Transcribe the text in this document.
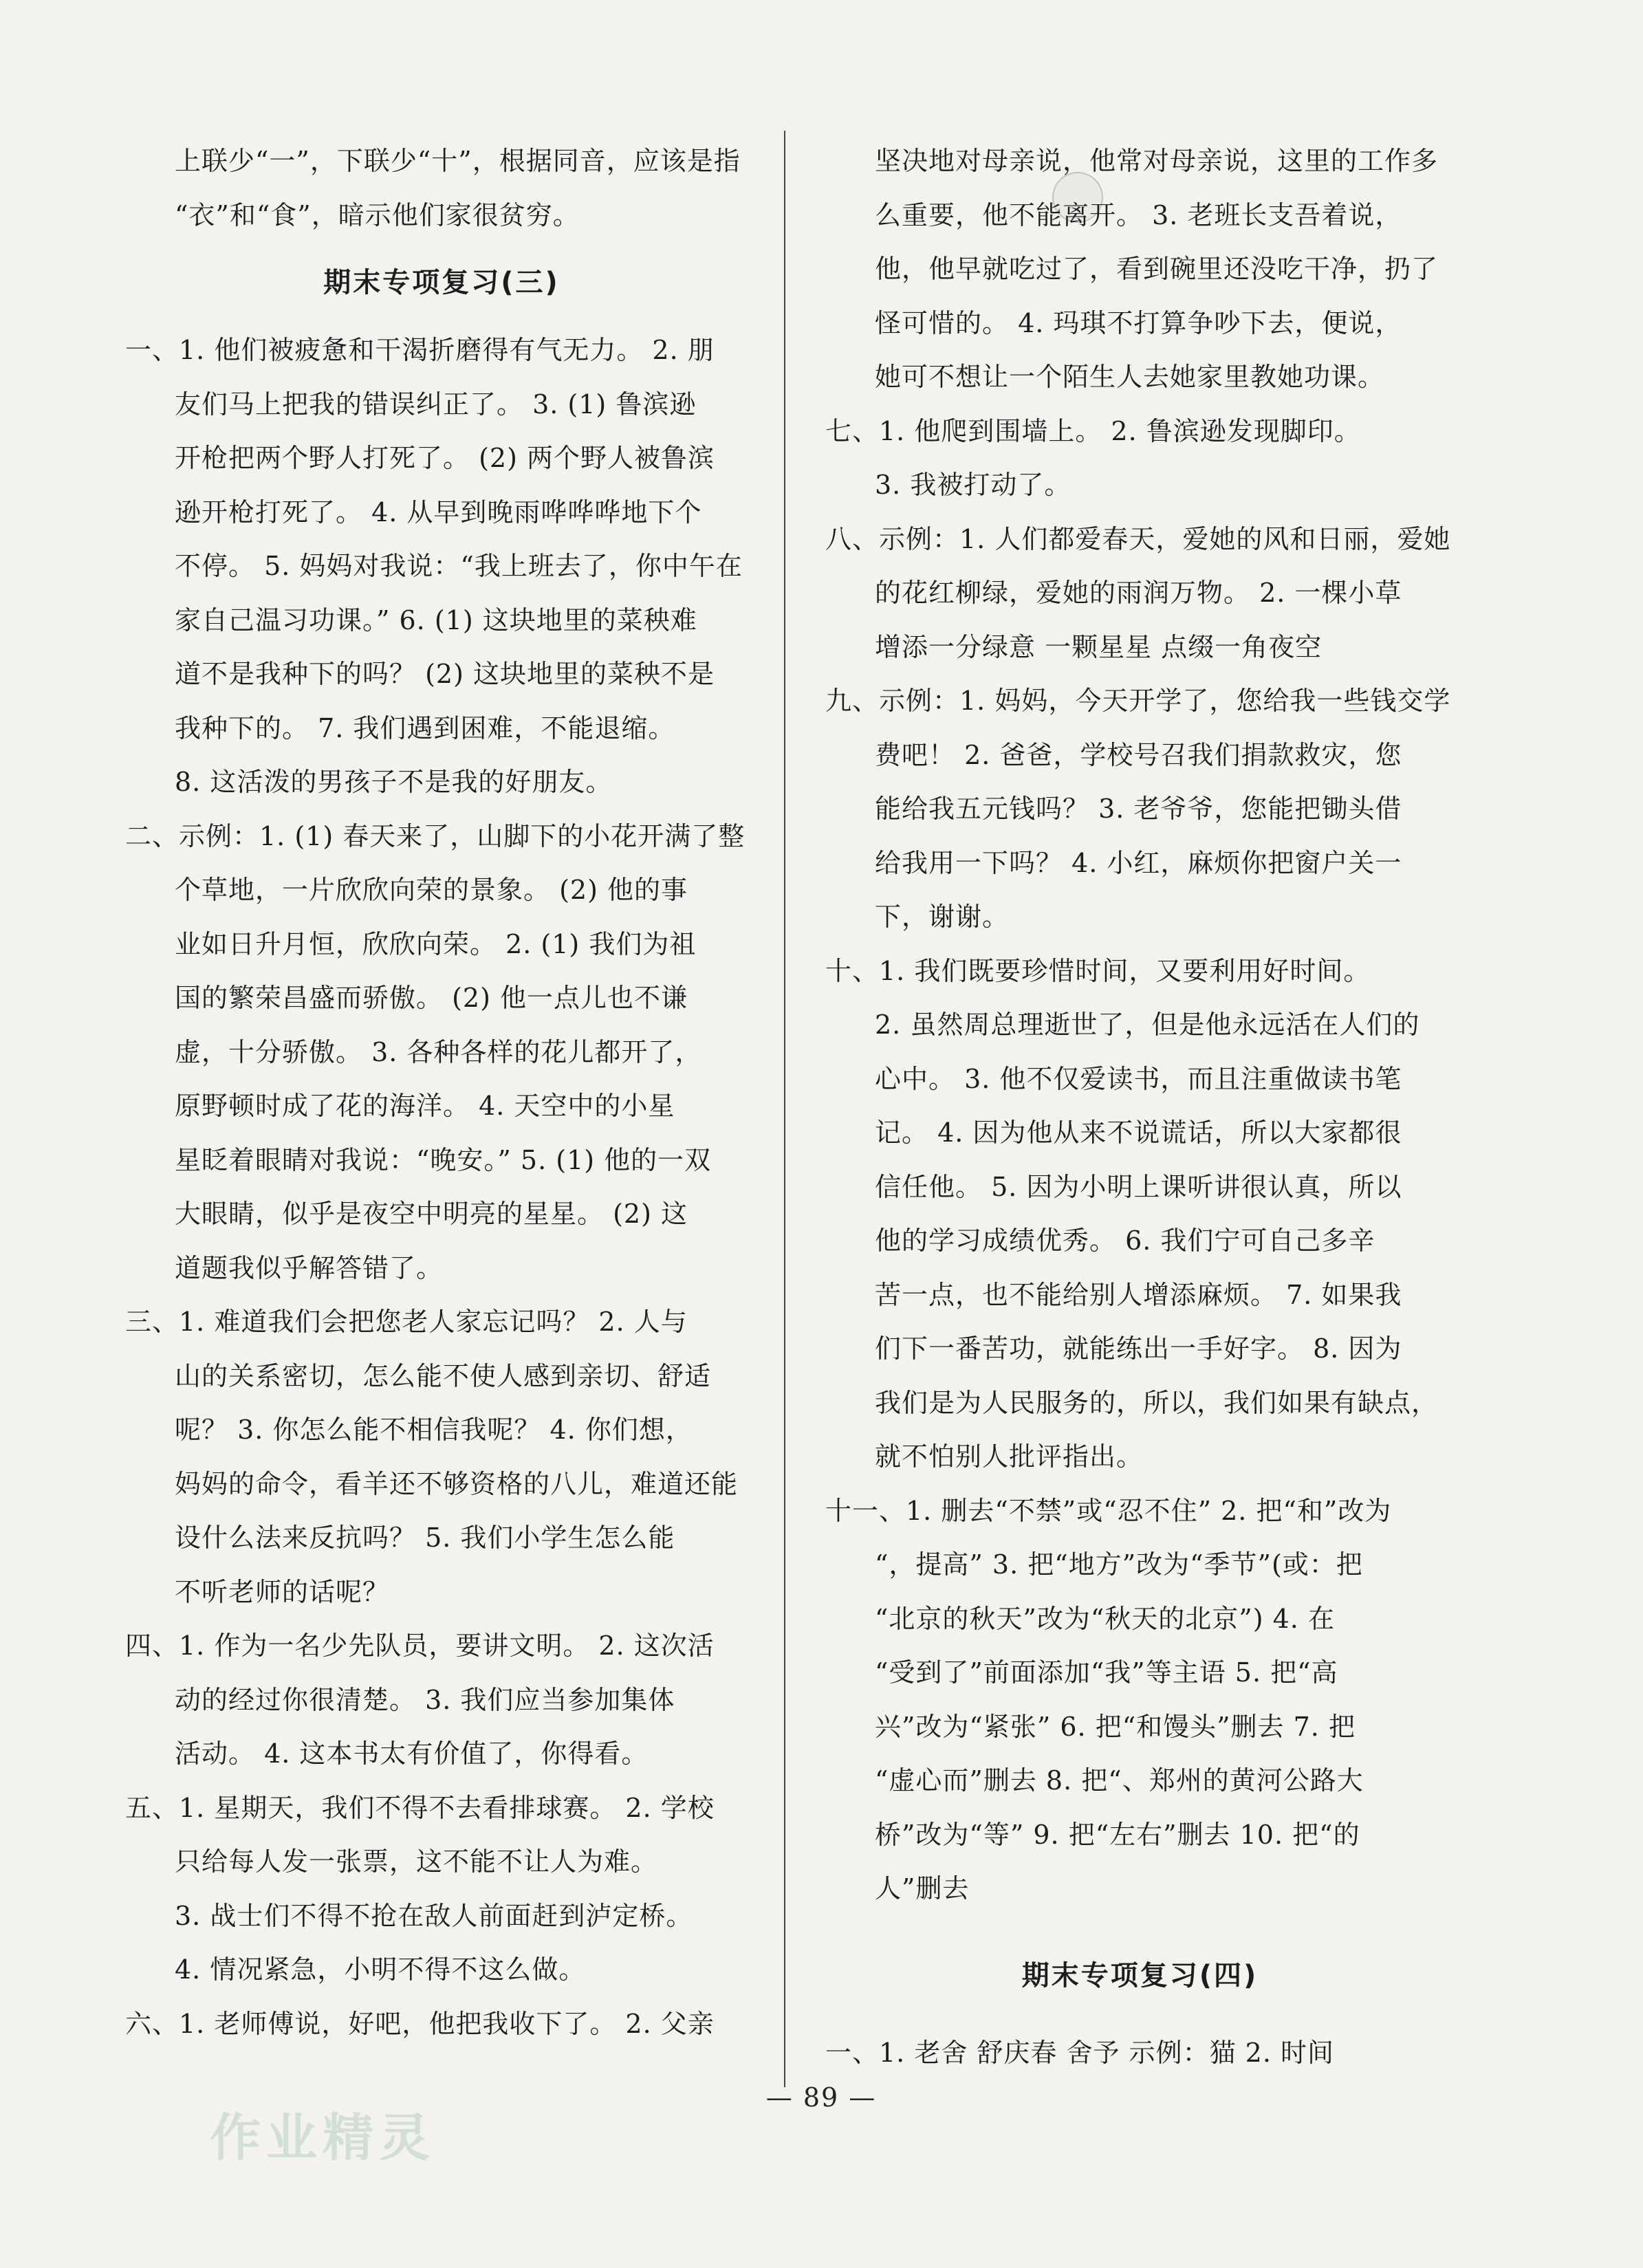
上联少“一”，下联少“十”，根据同音，应该是指
“衣”和“食”，暗示他们家很贫穷。
期末专项复习(三)
一、1. 他们被疲惫和干渴折磨得有气无力。 2. 朋
友们马上把我的错误纠正了。 3. (1) 鲁滨逊
开枪把两个野人打死了。 (2) 两个野人被鲁滨
逊开枪打死了。 4. 从早到晚雨哗哗哗地下个
不停。 5. 妈妈对我说：“我上班去了，你中午在
家自己温习功课。” 6. (1) 这块地里的菜秧难
道不是我种下的吗？ (2) 这块地里的菜秧不是
我种下的。 7. 我们遇到困难，不能退缩。
8. 这活泼的男孩子不是我的好朋友。
二、示例：1. (1) 春天来了，山脚下的小花开满了整
个草地，一片欣欣向荣的景象。 (2) 他的事
业如日升月恒，欣欣向荣。 2. (1) 我们为祖
国的繁荣昌盛而骄傲。 (2) 他一点儿也不谦
虚，十分骄傲。 3. 各种各样的花儿都开了，
原野顿时成了花的海洋。 4. 天空中的小星
星眨着眼睛对我说：“晚安。” 5. (1) 他的一双
大眼睛，似乎是夜空中明亮的星星。 (2) 这
道题我似乎解答错了。
三、1. 难道我们会把您老人家忘记吗？ 2. 人与
山的关系密切，怎么能不使人感到亲切、舒适
呢？ 3. 你怎么能不相信我呢？ 4. 你们想，
妈妈的命令，看羊还不够资格的八儿，难道还能
设什么法来反抗吗？ 5. 我们小学生怎么能
不听老师的话呢？
四、1. 作为一名少先队员，要讲文明。 2. 这次活
动的经过你很清楚。 3. 我们应当参加集体
活动。 4. 这本书太有价值了，你得看。
五、1. 星期天，我们不得不去看排球赛。 2. 学校
只给每人发一张票，这不能不让人为难。
3. 战士们不得不抢在敌人前面赶到泸定桥。
4. 情况紧急，小明不得不这么做。
六、1. 老师傅说，好吧，他把我收下了。 2. 父亲
坚决地对母亲说，他常对母亲说，这里的工作多
么重要，他不能离开。 3. 老班长支吾着说，
他，他早就吃过了，看到碗里还没吃干净，扔了
怪可惜的。 4. 玛琪不打算争吵下去，便说，
她可不想让一个陌生人去她家里教她功课。
七、1. 他爬到围墙上。 2. 鲁滨逊发现脚印。
3. 我被打动了。
八、示例：1. 人们都爱春天，爱她的风和日丽，爱她
的花红柳绿，爱她的雨润万物。 2. 一棵小草
增添一分绿意 一颗星星 点缀一角夜空
九、示例：1. 妈妈，今天开学了，您给我一些钱交学
费吧！ 2. 爸爸，学校号召我们捐款救灾，您
能给我五元钱吗？ 3. 老爷爷，您能把锄头借
给我用一下吗？ 4. 小红，麻烦你把窗户关一
下，谢谢。
十、1. 我们既要珍惜时间，又要利用好时间。
2. 虽然周总理逝世了，但是他永远活在人们的
心中。 3. 他不仅爱读书，而且注重做读书笔
记。 4. 因为他从来不说谎话，所以大家都很
信任他。 5. 因为小明上课听讲很认真，所以
他的学习成绩优秀。 6. 我们宁可自己多辛
苦一点，也不能给别人增添麻烦。 7. 如果我
们下一番苦功，就能练出一手好字。 8. 因为
我们是为人民服务的，所以，我们如果有缺点，
就不怕别人批评指出。
十一、1. 删去“不禁”或“忍不住” 2. 把“和”改为
“，提高” 3. 把“地方”改为“季节”(或：把
“北京的秋天”改为“秋天的北京”) 4. 在
“受到了”前面添加“我”等主语 5. 把“高
兴”改为“紧张” 6. 把“和馒头”删去 7. 把
“虚心而”删去 8. 把“、郑州的黄河公路大
桥”改为“等” 9. 把“左右”删去 10. 把“的
人”删去
期末专项复习(四)
一、1. 老舍 舒庆春 舍予 示例：猫 2. 时间
作业精灵
— 89 —
